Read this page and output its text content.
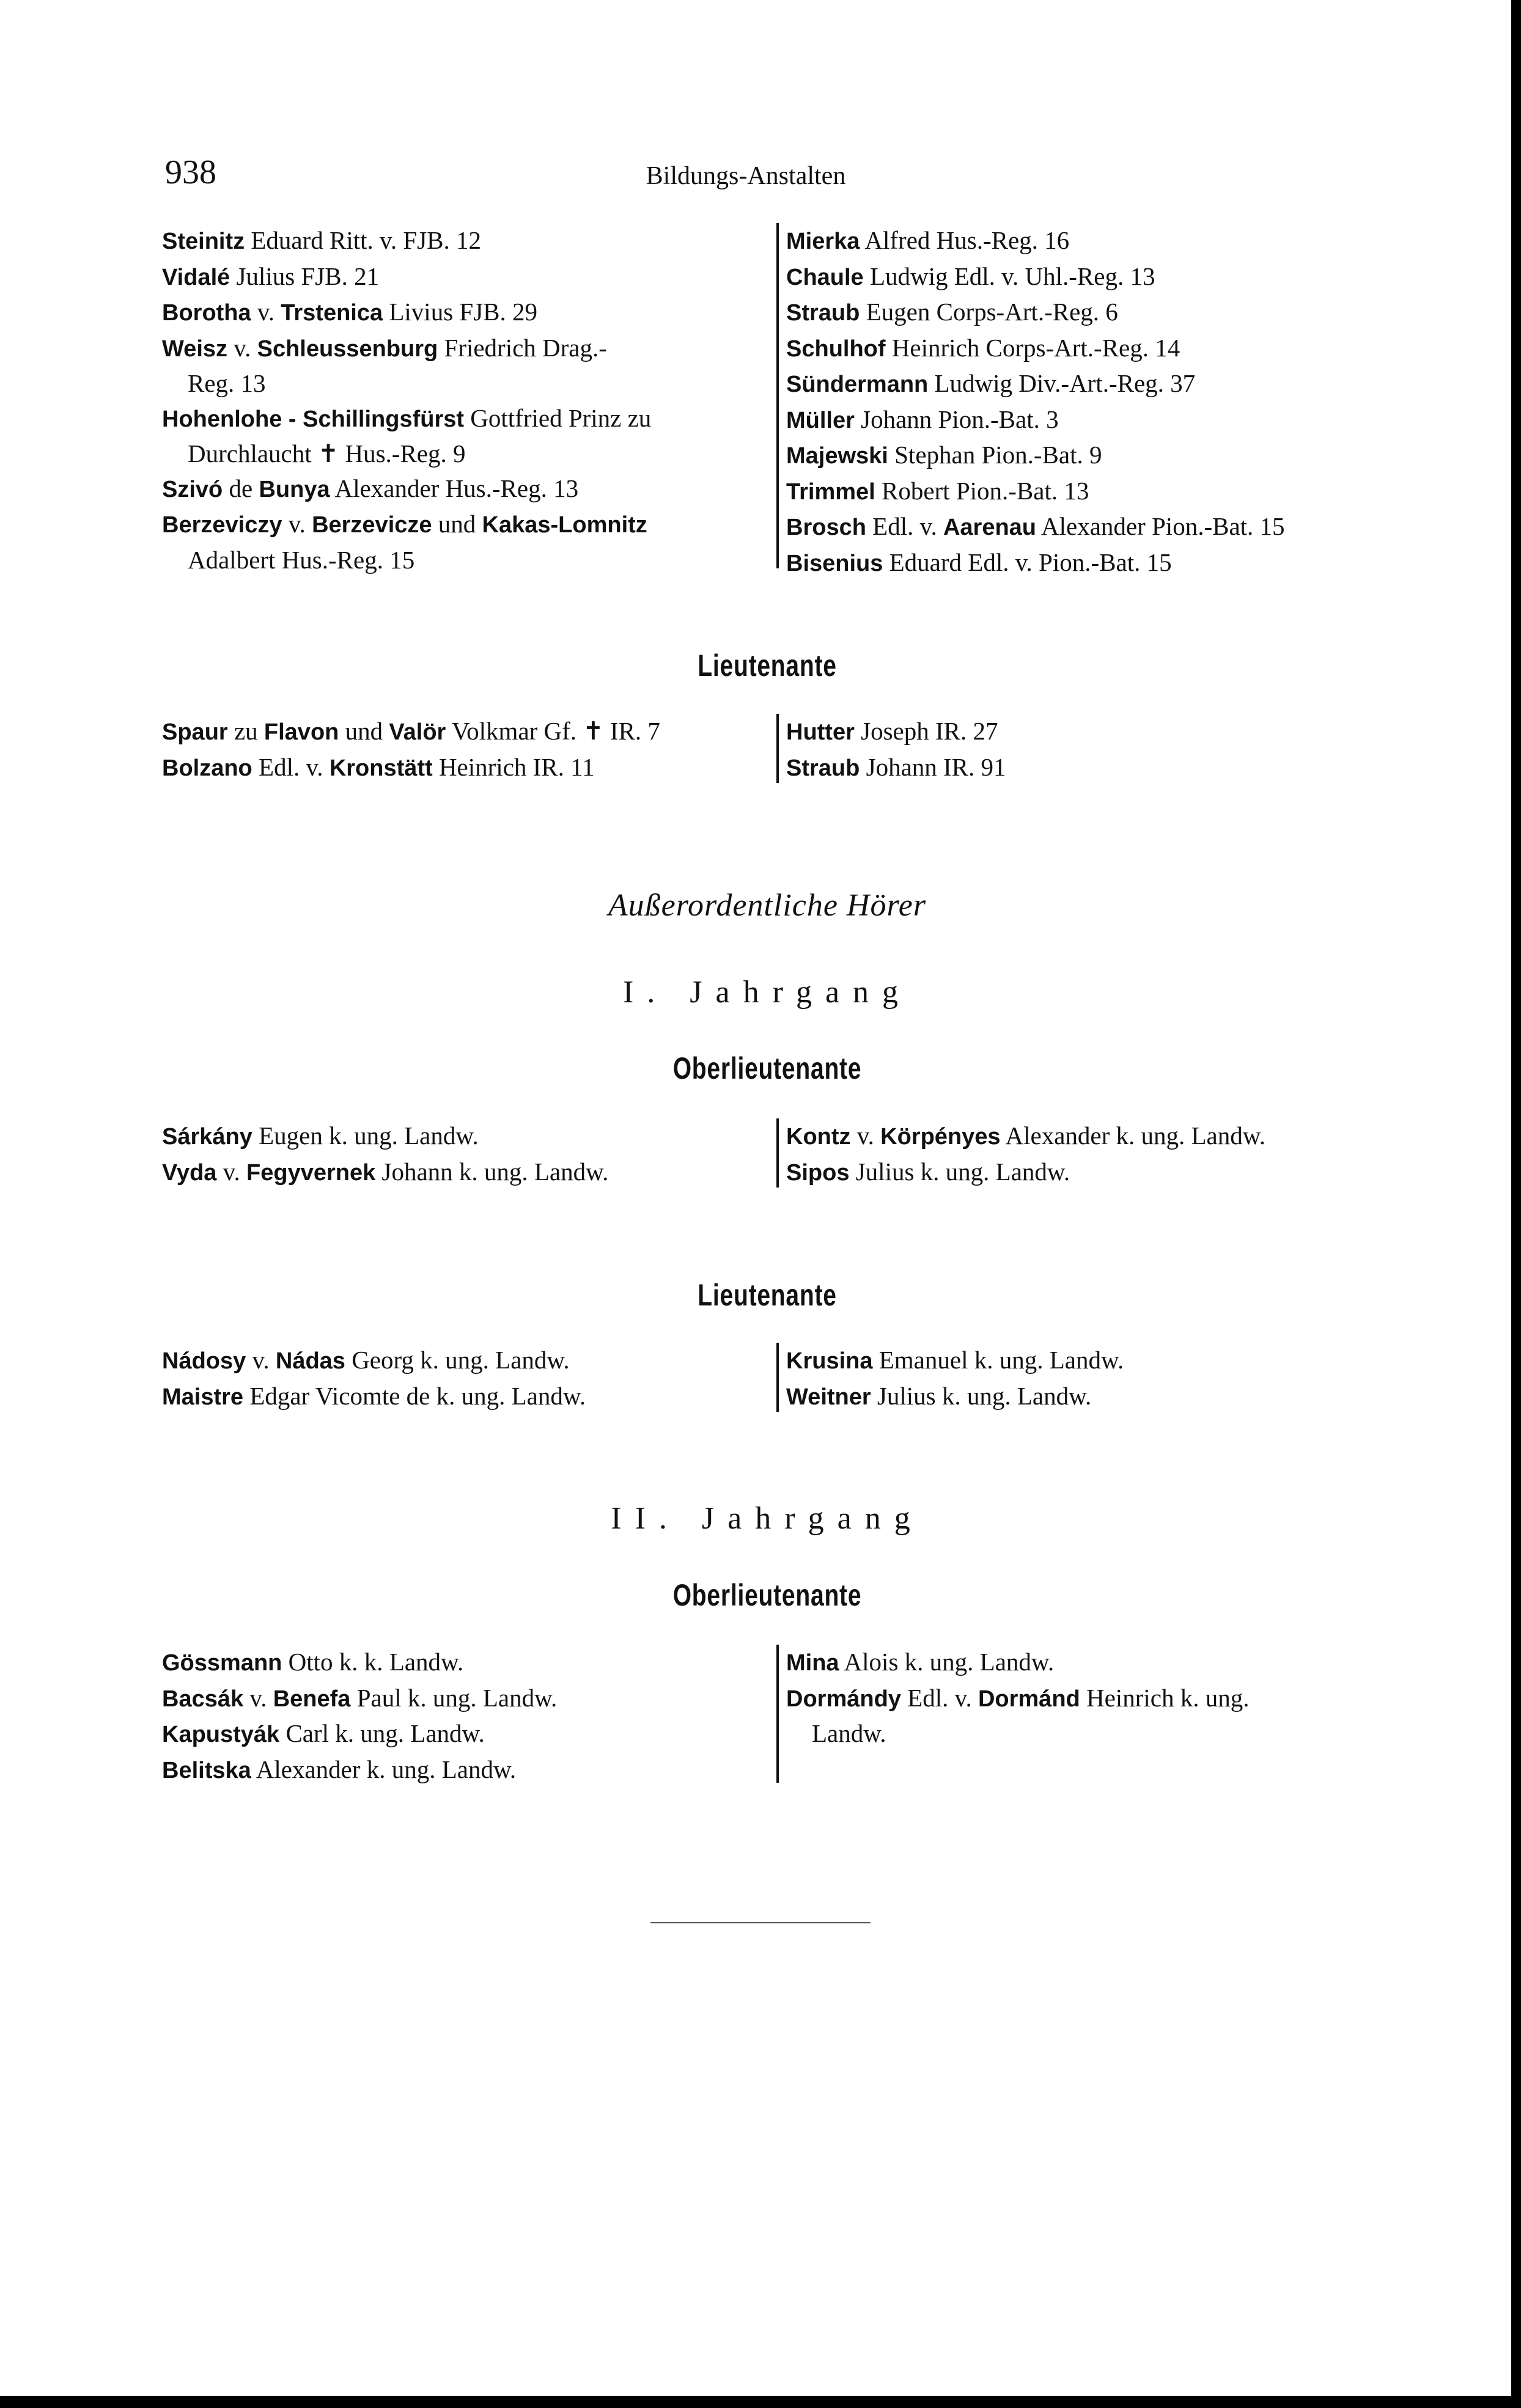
938	Bildungs-Anstalten
Steinitz Eduard Ritt. v. FJB. 12
Vidalé Julius FJB. 21
Borotha v. Trstenica Livius FJB. 29
Weisz v. Schleussenburg Friedrich Drag.-
Reg. 13
Hohenlohe - Schillingsfürst Gottfried Prinz zu
Durchlaucht ✝ Hus.-Reg. 9
Szivó de Bunya Alexander Hus.-Reg. 13
Berzeviczy v. Berzevicze und Kakas-Lomnitz
Adalbert Hus.-Reg. 15
Mierka Alfred Hus.-Reg. 16
Chaule Ludwig Edl. v. Uhl.-Reg. 13
Straub Eugen Corps-Art.-Reg. 6
Schulhof Heinrich Corps-Art.-Reg. 14
Sündermann Ludwig Div.-Art.-Reg. 37
Müller Johann Pion.-Bat. 3
Majewski Stephan Pion.-Bat. 9
Trimmel Robert Pion.-Bat. 13
Brosch Edl. v. Aarenau Alexander Pion.-Bat. 15
Bisenius Eduard Edl. v. Pion.-Bat. 15
Lieutenante
Spaur zu Flavon und Valör Volkmar Gf. ✝ IR. 7
Bolzano Edl. v. Kronstätt Heinrich IR. 11
Hutter Joseph IR. 27
Straub Johann IR. 91
Außerordentliche Hörer
I. Jahrgang
Oberlieutenante
Sárkány Eugen k. ung. Landw.
Vyda v. Fegyvernek Johann k. ung. Landw.
Kontz v. Körpényes Alexander k. ung. Landw.
Sipos Julius k. ung. Landw.
Lieutenante
Nádosy v. Nádas Georg k. ung. Landw.
Maistre Edgar Vicomte de k. ung. Landw.
Krusina Emanuel k. ung. Landw.
Weitner Julius k. ung. Landw.
II. Jahrgang
Oberlieutenante
Gössmann Otto k. k. Landw.
Bacsák v. Benefa Paul k. ung. Landw.
Kapustyák Carl k. ung. Landw.
Belitska Alexander k. ung. Landw.
Mina Alois k. ung. Landw.
Dormándy Edl. v. Dormánd Heinrich k. ung.
Landw.
